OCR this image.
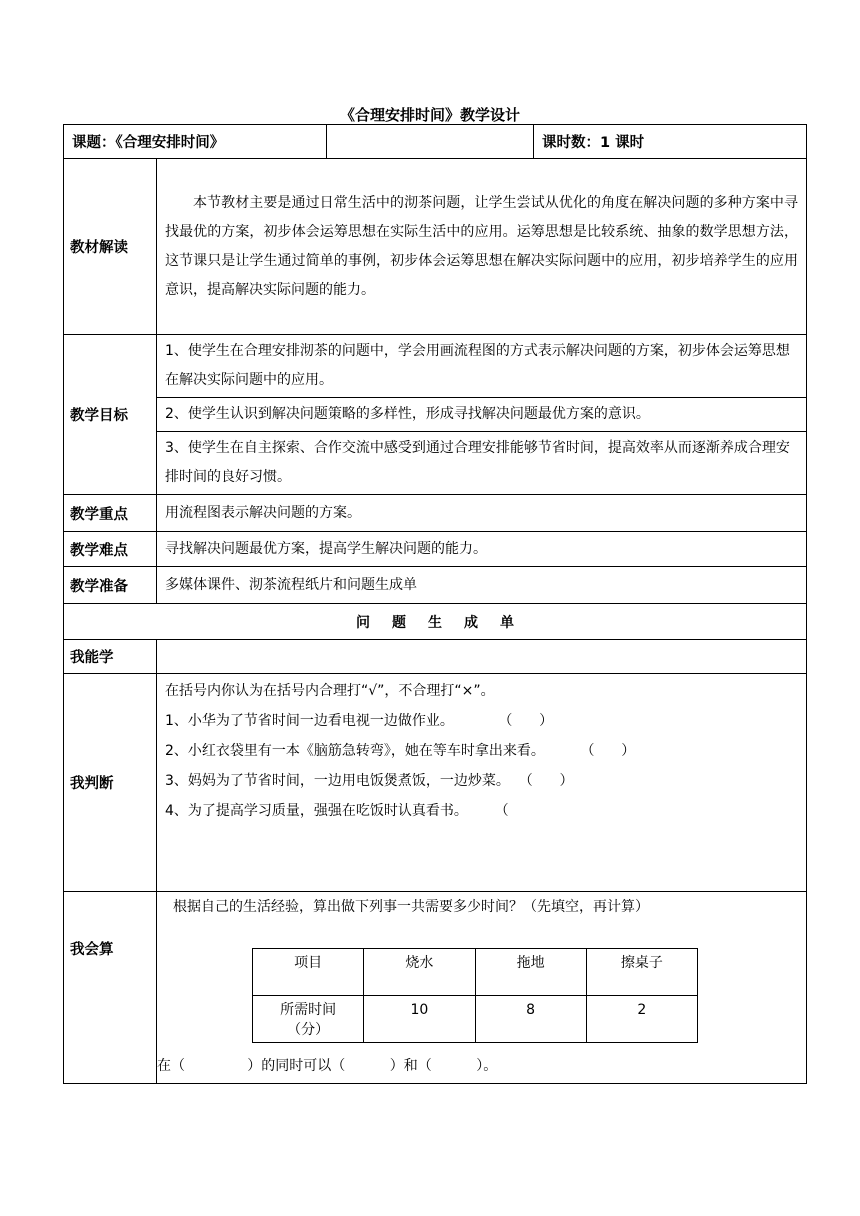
《合理安排时间》教学设计
课题：《合理安排时间》		课时数：1 课时
教材解读	本节教材主要是通过日常生活中的沏茶问题，让学生尝试从优化的角度在解决问题的多种方案中寻找最优的方案，初步体会运筹思想在实际生活中的应用。运筹思想是比较系统、抽象的数学思想方法，这节课只是让学生通过简单的事例，初步体会运筹思想在解决实际问题中的应用，初步培养学生的应用意识，提高解决实际问题的能力。
教学目标	1、使学生在合理安排沏茶的问题中，学会用画流程图的方式表示解决问题的方案，初步体会运筹思想在解决实际问题中的应用。
2、使学生认识到解决问题策略的多样性，形成寻找解决问题最优方案的意识。
3、使学生在自主探索、合作交流中感受到通过合理安排能够节省时间，提高效率从而逐渐养成合理安排时间的良好习惯。
教学重点	用流程图表示解决问题的方案。
教学难点	寻找解决问题最优方案，提高学生解决问题的能力。
教学准备	多媒体课件、沏茶流程纸片和问题生成单
问题生成单
我能学	
我判断	
在括号内你认为在括号内合理打“√”，不合理打“×”。
1、小华为了节省时间一边看电视一边做作业。          （      ）
2、小红衣袋里有一本《脑筋急转弯》，她在等车时拿出来看。        （      ）
3、妈妈为了节省时间，一边用电饭煲煮饭，一边炒菜。  （      ）
4、为了提高学习质量，强强在吃饭时认真看书。      （

我会算	
根据自己的生活经验，算出做下列事一共需要多少时间？（先填空，再计算）
项目	烧水	拖地	擦桌子
所需时间（分）	10	8	2
在（              ）的同时可以（          ）和（          ）。
